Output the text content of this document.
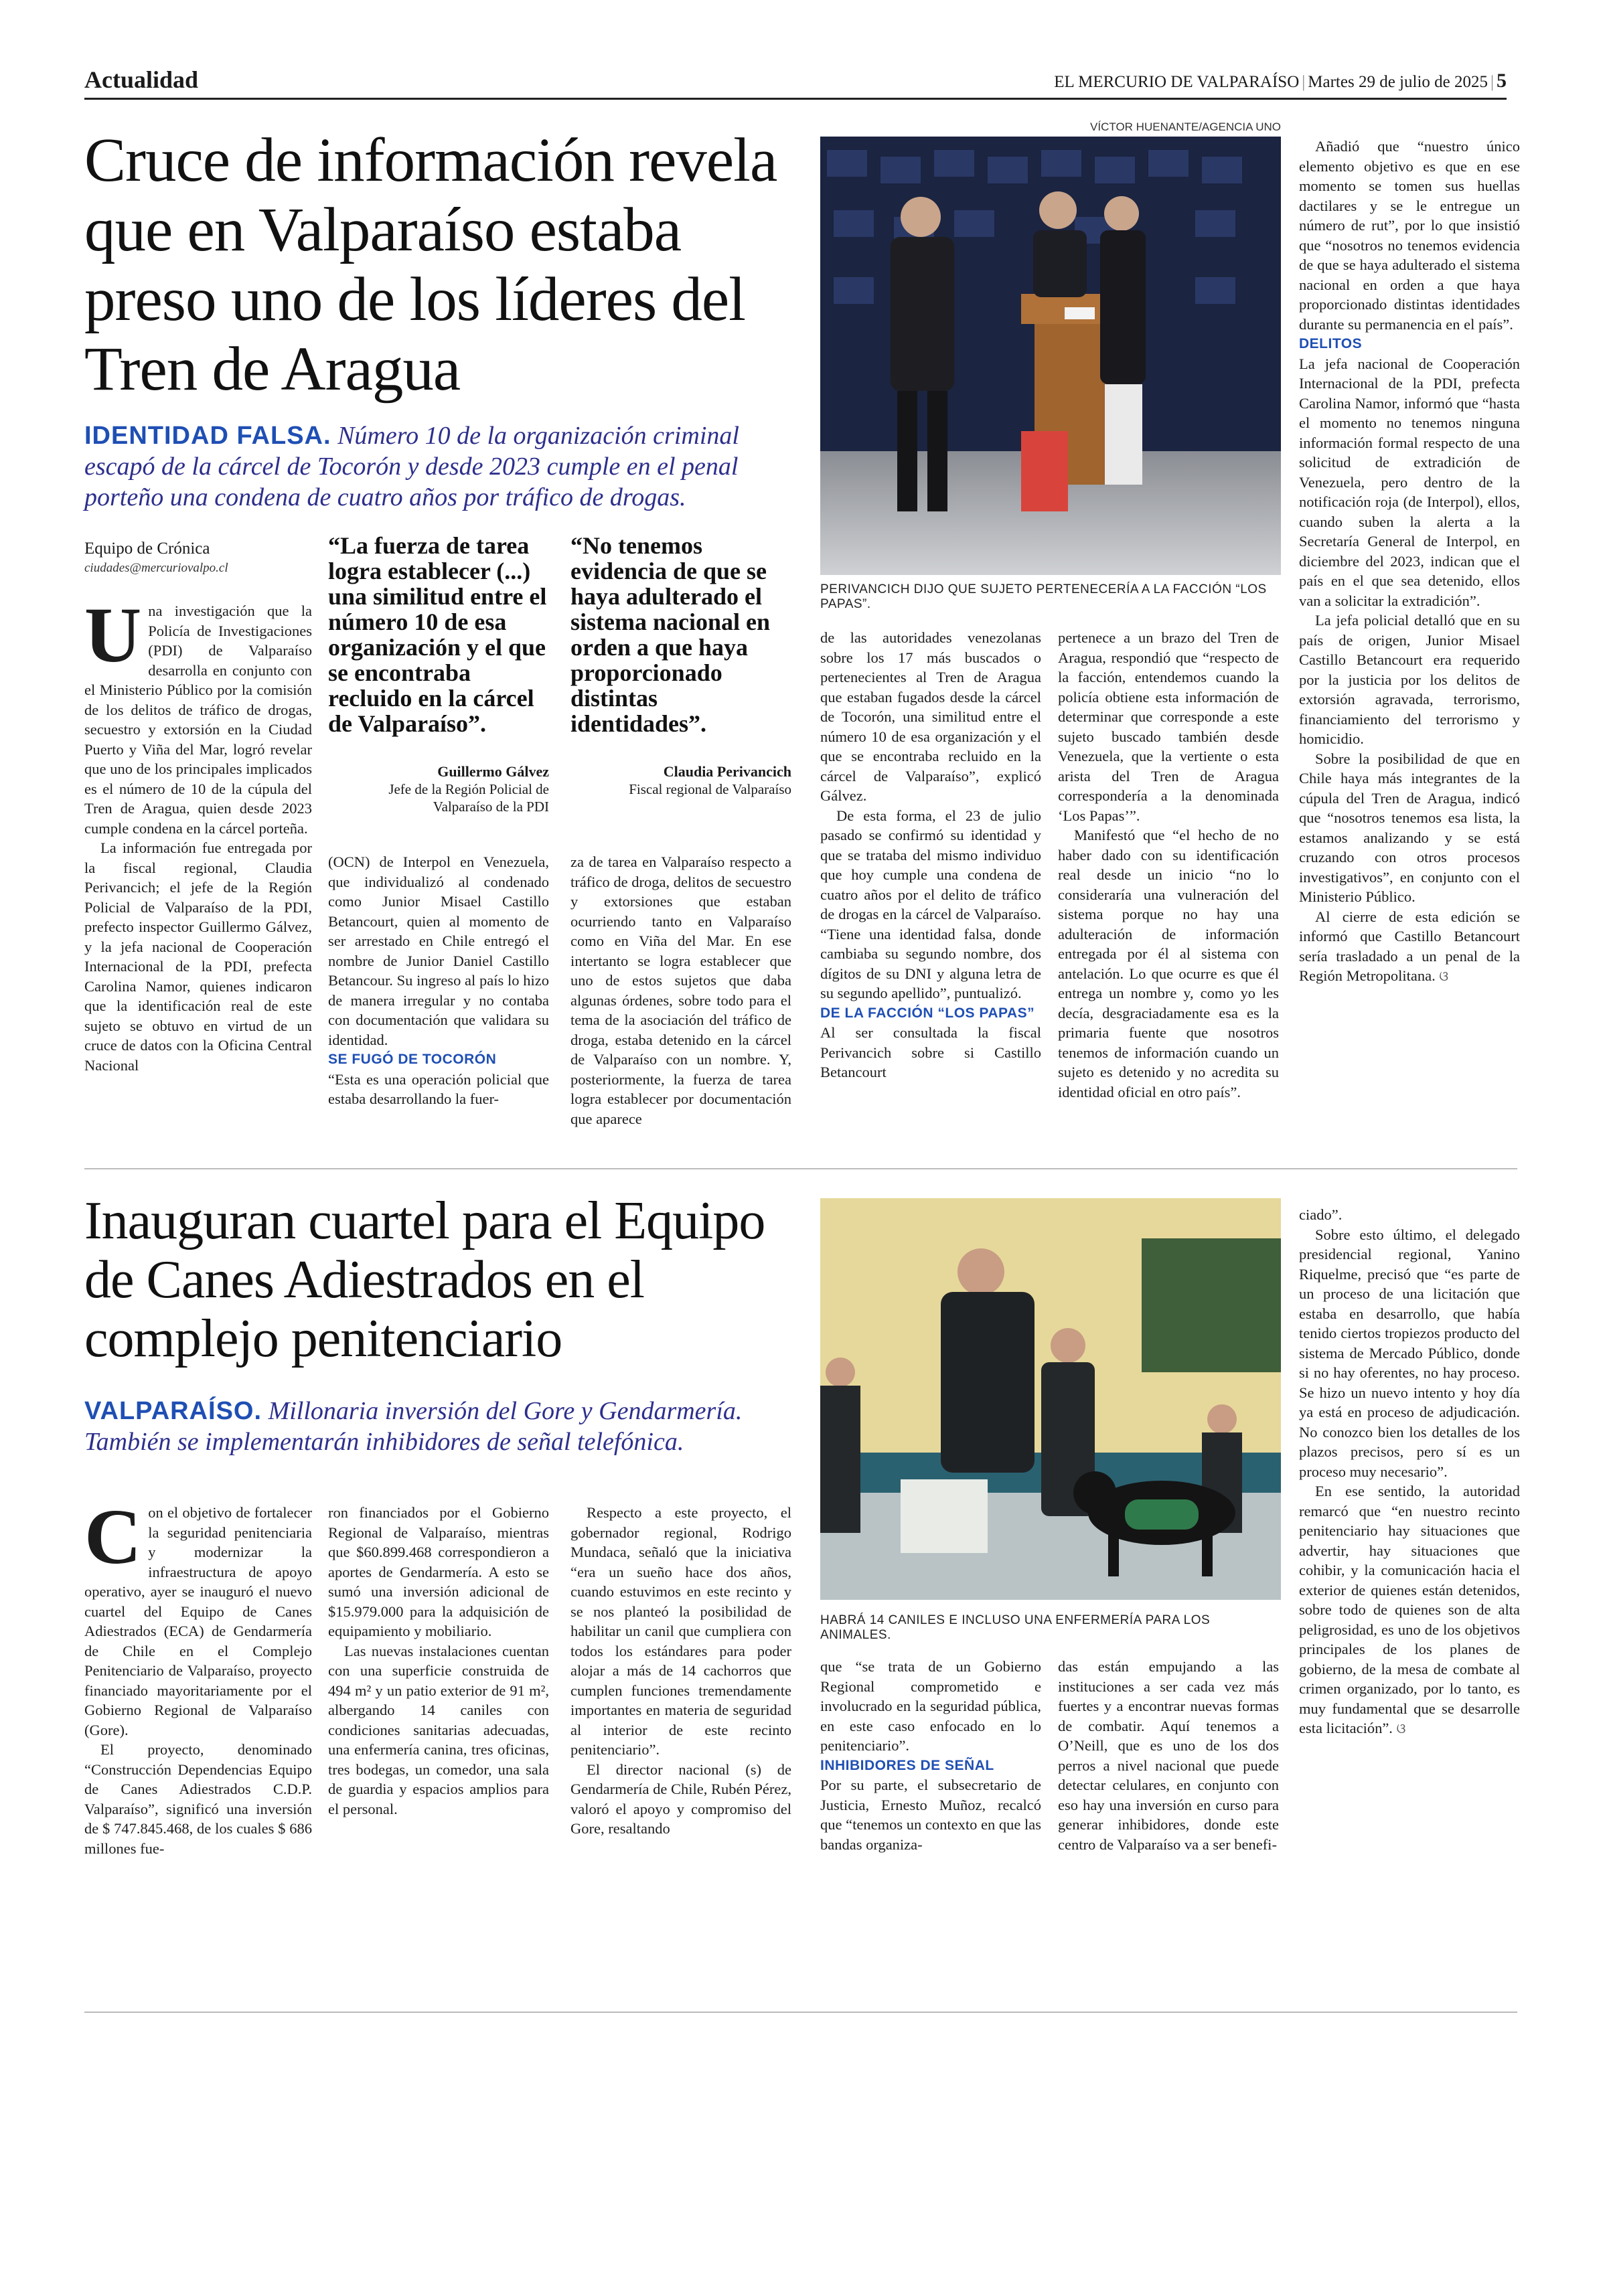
Actualidad	EL MERCURIO DE VALPARAÍSO | Martes 29 de julio de 2025 | 5
Cruce de información revela que en Valparaíso estaba preso uno de los líderes del Tren de Aragua
IDENTIDAD FALSA. Número 10 de la organización criminal escapó de la cárcel de Tocorón y desde 2023 cumple en el penal porteño una condena de cuatro años por tráfico de drogas.
Equipo de Crónica
ciudades@mercuriovalpo.cl
“La fuerza de tarea logra establecer (...) una similitud entre el número 10 de esa organización y el que se encontraba recluido en la cárcel de Valparaíso”.
Guillermo Gálvez
Jefe de la Región Policial de Valparaíso de la PDI
“No tenemos evidencia de que se haya adulterado el sistema nacional en orden a que haya proporcionado distintas identidades”.
Claudia Perivancich
Fiscal regional de Valparaíso
VÍCTOR HUENANTE/AGENCIA UNO
PERIVANCICH DIJO QUE SUJETO PERTENECERÍA A LA FACCIÓN “LOS PAPAS”.

Una investigación que la Policía de Investigaciones (PDI) de Valparaíso desarrolla en conjunto con el Ministerio Público por la comisión de los delitos de tráfico de drogas, secuestro y extorsión en la Ciudad Puerto y Viña del Mar, logró revelar que uno de los principales implicados es el número de 10 de la cúpula del Tren de Aragua, quien desde 2023 cumple condena en la cárcel porteña.

La información fue entregada por la fiscal regional, Claudia Perivancich; el jefe de la Región Policial de Valparaíso de la PDI, prefecto inspector Guillermo Gálvez, y la jefa nacional de Cooperación Internacional de la PDI, prefecta Carolina Namor, quienes indicaron que la identificación real de este sujeto se obtuvo en virtud de un cruce de datos con la Oficina Central Nacional

(OCN) de Interpol en Venezuela, que individualizó al condenado como Junior Misael Castillo Betancourt, quien al momento de ser arrestado en Chile entregó el nombre de Junior Daniel Castillo Betancour. Su ingreso al país lo hizo de manera irregular y no contaba con documentación que validara su identidad.

SE FUGÓ DE TOCORÓN

“Esta es una operación policial que estaba desarrollando la fuer-

za de tarea en Valparaíso respecto a tráfico de droga, delitos de secuestro y extorsiones que estaban ocurriendo tanto en Valparaíso como en Viña del Mar. En ese intertanto se logra establecer que uno de estos sujetos que daba algunas órdenes, sobre todo para el tema de la asociación del tráfico de droga, estaba detenido en la cárcel de Valparaíso con un nombre. Y, posteriormente, la fuerza de tarea logra establecer por documentación que aparece

de las autoridades venezolanas sobre los 17 más buscados o pertenecientes al Tren de Aragua que estaban fugados desde la cárcel de Tocorón, una similitud entre el número 10 de esa organización y el que se encontraba recluido en la cárcel de Valparaíso”, explicó Gálvez.

De esta forma, el 23 de julio pasado se confirmó su identidad y que se trataba del mismo individuo que hoy cumple una condena de cuatro años por el delito de tráfico de drogas en la cárcel de Valparaíso. “Tiene una identidad falsa, donde cambiaba su segundo nombre, dos dígitos de su DNI y alguna letra de su segundo apellido”, puntualizó.

DE LA FACCIÓN “LOS PAPAS”

Al ser consultada la fiscal Perivancich sobre si Castillo Betancourt

pertenece a un brazo del Tren de Aragua, respondió que “respecto de la facción, entendemos cuando la policía obtiene esta información de determinar que corresponde a este sujeto buscado también desde Venezuela, que la vertiente o esta arista del Tren de Aragua correspondería a la denominada ‘Los Papas’”.

Manifestó que “el hecho de no haber dado con su identificación real desde un inicio “no lo consideraría una vulneración del sistema porque no hay una adulteración de información entregada por él al sistema con antelación. Lo que ocurre es que él entrega un nombre y, como yo les decía, desgraciadamente esa es la primaria fuente que nosotros tenemos de información cuando un sujeto es detenido y no acredita su identidad oficial en otro país”.

Añadió que “nuestro único elemento objetivo es que en ese momento se tomen sus huellas dactilares y se le entregue un número de rut”, por lo que insistió que “nosotros no tenemos evidencia de que se haya adulterado el sistema nacional en orden a que haya proporcionado distintas identidades durante su permanencia en el país”.

DELITOS

La jefa nacional de Cooperación Internacional de la PDI, prefecta Carolina Namor, informó que “hasta el momento no tenemos ninguna información formal respecto de una solicitud de extradición de Venezuela, pero dentro de la notificación roja (de Interpol), ellos, cuando suben la alerta a la Secretaría General de Interpol, en diciembre del 2023, indican que el país en el que sea detenido, ellos van a solicitar la extradición”.

La jefa policial detalló que en su país de origen, Junior Misael Castillo Betancourt era requerido por la justicia por los delitos de extorsión agravada, terrorismo, financiamiento del terrorismo y homicidio.

Sobre la posibilidad de que en Chile haya más integrantes de la cúpula del Tren de Aragua, indicó que “nosotros tenemos esa lista, la estamos analizando y se está cruzando con otros procesos investigativos”, en conjunto con el Ministerio Público.

Al cierre de esta edición se informó que Castillo Betancourt sería trasladado a un penal de la Región Metropolitana. ଓ

Inauguran cuartel para el Equipo de Canes Adiestrados en el complejo penitenciario
VALPARAÍSO. Millonaria inversión del Gore y Gendarmería. También se implementarán inhibidores de señal telefónica.
HABRÁ 14 CANILES E INCLUSO UNA ENFERMERÍA PARA LOS ANIMALES.

Con el objetivo de fortalecer la seguridad penitenciaria y modernizar la infraestructura de apoyo operativo, ayer se inauguró el nuevo cuartel del Equipo de Canes Adiestrados (ECA) de Gendarmería de Chile en el Complejo Penitenciario de Valparaíso, proyecto financiado mayoritariamente por el Gobierno Regional de Valparaíso (Gore).

El proyecto, denominado “Construcción Dependencias Equipo de Canes Adiestrados C.D.P. Valparaíso”, significó una inversión de $ 747.845.468, de los cuales $ 686 millones fue-

ron financiados por el Gobierno Regional de Valparaíso, mientras que $60.899.468 correspondieron a aportes de Gendarmería. A esto se sumó una inversión adicional de $15.979.000 para la adquisición de equipamiento y mobiliario.

Las nuevas instalaciones cuentan con una superficie construida de 494 m² y un patio exterior de 91 m², albergando 14 caniles con condiciones sanitarias adecuadas, una enfermería canina, tres oficinas, tres bodegas, un comedor, una sala de guardia y espacios amplios para el personal.

Respecto a este proyecto, el gobernador regional, Rodrigo Mundaca, señaló que la iniciativa “era un sueño hace dos años, cuando estuvimos en este recinto y se nos planteó la posibilidad de habilitar un canil que cumpliera con todos los estándares para poder alojar a más de 14 cachorros que cumplen funciones tremendamente importantes en materia de seguridad al interior de este recinto penitenciario”.

El director nacional (s) de Gendarmería de Chile, Rubén Pérez, valoró el apoyo y compromiso del Gore, resaltando

que “se trata de un Gobierno Regional comprometido e involucrado en la seguridad pública, en este caso enfocado en lo penitenciario”.

INHIBIDORES DE SEÑAL

Por su parte, el subsecretario de Justicia, Ernesto Muñoz, recalcó que “tenemos un contexto en que las bandas organiza-

das están empujando a las instituciones a ser cada vez más fuertes y a encontrar nuevas formas de combatir. Aquí tenemos a O’Neill, que es uno de los dos perros a nivel nacional que puede detectar celulares, en conjunto con eso hay una inversión en curso para generar inhibidores, donde este centro de Valparaíso va a ser benefi-

ciado”.

Sobre esto último, el delegado presidencial regional, Yanino Riquelme, precisó que “es parte de un proceso de una licitación que estaba en desarrollo, que había tenido ciertos tropiezos producto del sistema de Mercado Público, donde si no hay oferentes, no hay proceso. Se hizo un nuevo intento y hoy día ya está en proceso de adjudicación. No conozco bien los detalles de los plazos precisos, pero sí es un proceso muy necesario”.

En ese sentido, la autoridad remarcó que “en nuestro recinto penitenciario hay situaciones que advertir, hay situaciones que cohibir, y la comunicación hacia el exterior de quienes están detenidos, sobre todo de quienes son de alta peligrosidad, es uno de los objetivos principales de los planes de gobierno, de la mesa de combate al crimen organizado, por lo tanto, es muy fundamental que se desarrolle esta licitación”. ଓ
